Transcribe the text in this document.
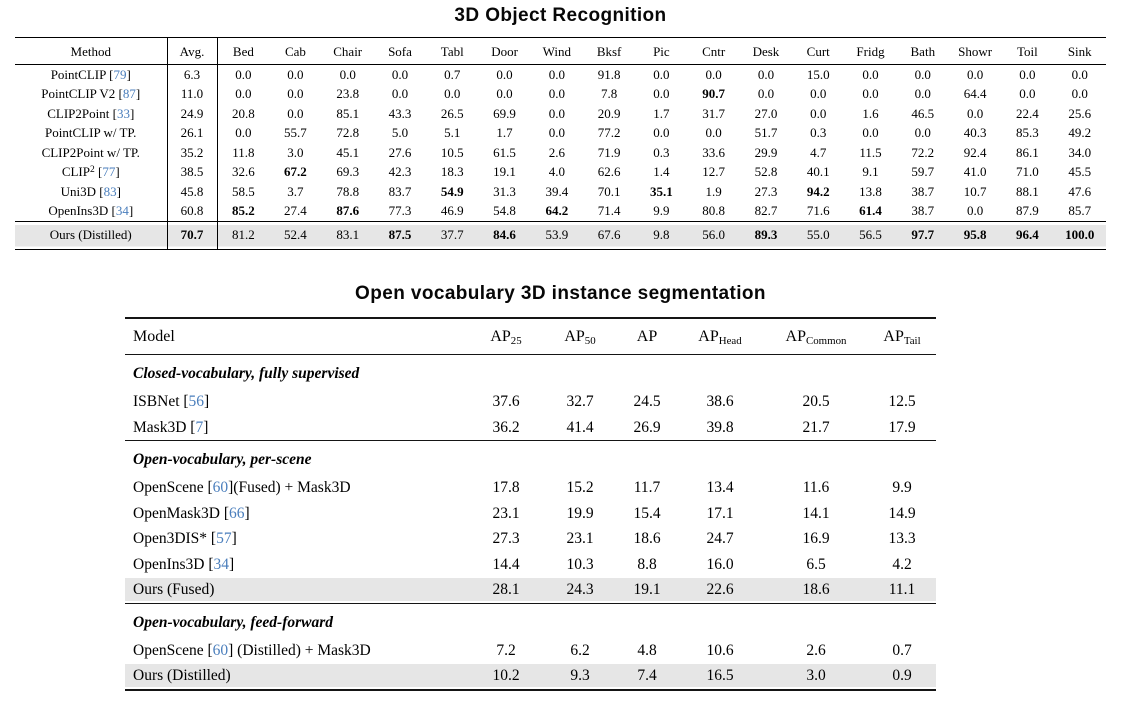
3D Object Recognition
Method	Avg.	Bed	Cab	Chair	Sofa	Tabl	Door	Wind	Bksf	Pic	Cntr	Desk	Curt	Fridg	Bath	Showr	Toil	Sink
PointCLIP [79]	6.3	0.0	0.0	0.0	0.0	0.7	0.0	0.0	91.8	0.0	0.0	0.0	15.0	0.0	0.0	0.0	0.0	0.0
PointCLIP V2 [87]	11.0	0.0	0.0	23.8	0.0	0.0	0.0	0.0	7.8	0.0	90.7	0.0	0.0	0.0	0.0	64.4	0.0	0.0
CLIP2Point [33]	24.9	20.8	0.0	85.1	43.3	26.5	69.9	0.0	20.9	1.7	31.7	27.0	0.0	1.6	46.5	0.0	22.4	25.6
PointCLIP w/ TP.	26.1	0.0	55.7	72.8	5.0	5.1	1.7	0.0	77.2	0.0	0.0	51.7	0.3	0.0	0.0	40.3	85.3	49.2
CLIP2Point w/ TP.	35.2	11.8	3.0	45.1	27.6	10.5	61.5	2.6	71.9	0.3	33.6	29.9	4.7	11.5	72.2	92.4	86.1	34.0
CLIP$^2$ [77]	38.5	32.6	67.2	69.3	42.3	18.3	19.1	4.0	62.6	1.4	12.7	52.8	40.1	9.1	59.7	41.0	71.0	45.5
Uni3D [83]	45.8	58.5	3.7	78.8	83.7	54.9	31.3	39.4	70.1	35.1	1.9	27.3	94.2	13.8	38.7	10.7	88.1	47.6
OpenIns3D [34]	60.8	85.2	27.4	87.6	77.3	46.9	54.8	64.2	71.4	9.9	80.8	82.7	71.6	61.4	38.7	0.0	87.9	85.7
Ours (Distilled)	70.7	81.2	52.4	83.1	87.5	37.7	84.6	53.9	67.6	9.8	56.0	89.3	55.0	56.5	97.7	95.8	96.4	100.0
Open vocabulary 3D instance segmentation
Model	$AP_{25}$	$AP_{50}$	AP	$AP_{Head}$	$AP_{Common}$	$AP_{Tail}$
Closed-vocabulary, fully supervised						
ISBNet [56]	37.6	32.7	24.5	38.6	20.5	12.5
Mask3D [7]	36.2	41.4	26.9	39.8	21.7	17.9
Open-vocabulary, per-scene						
OpenScene [60](Fused) + Mask3D	17.8	15.2	11.7	13.4	11.6	9.9
OpenMask3D [66]	23.1	19.9	15.4	17.1	14.1	14.9
Open3DIS* [57]	27.3	23.1	18.6	24.7	16.9	13.3
OpenIns3D [34]	14.4	10.3	8.8	16.0	6.5	4.2
Ours (Fused)	28.1	24.3	19.1	22.6	18.6	11.1
Open-vocabulary, feed-forward						
OpenScene [60] (Distilled) + Mask3D	7.2	6.2	4.8	10.6	2.6	0.7
Ours (Distilled)	10.2	9.3	7.4	16.5	3.0	0.9
